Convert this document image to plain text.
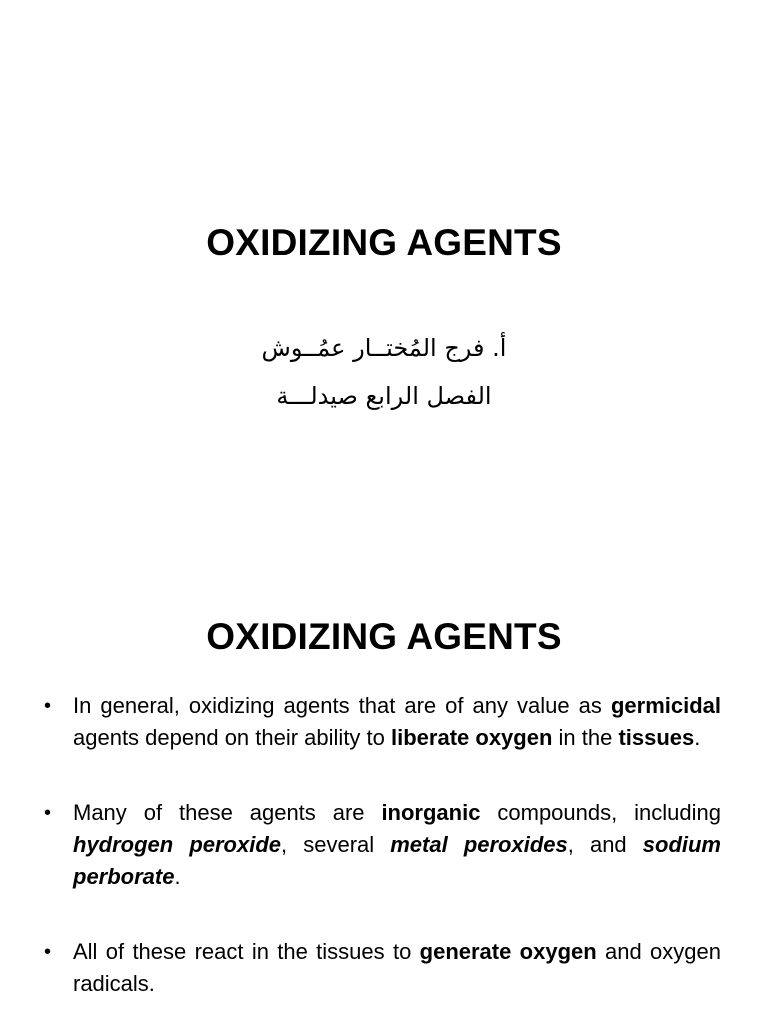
OXIDIZING AGENTS
أ. فرج المُختــار عمُــوش
الفصل الرابع صيدلـــة
OXIDIZING AGENTS
• In general, oxidizing agents that are of any value as germicidal agents depend on their ability to liberate oxygen in the tissues.
• Many of these agents are inorganic compounds, including hydrogen peroxide, several metal peroxides, and sodium perborate.
• All of these react in the tissues to generate oxygen and oxygen radicals.
